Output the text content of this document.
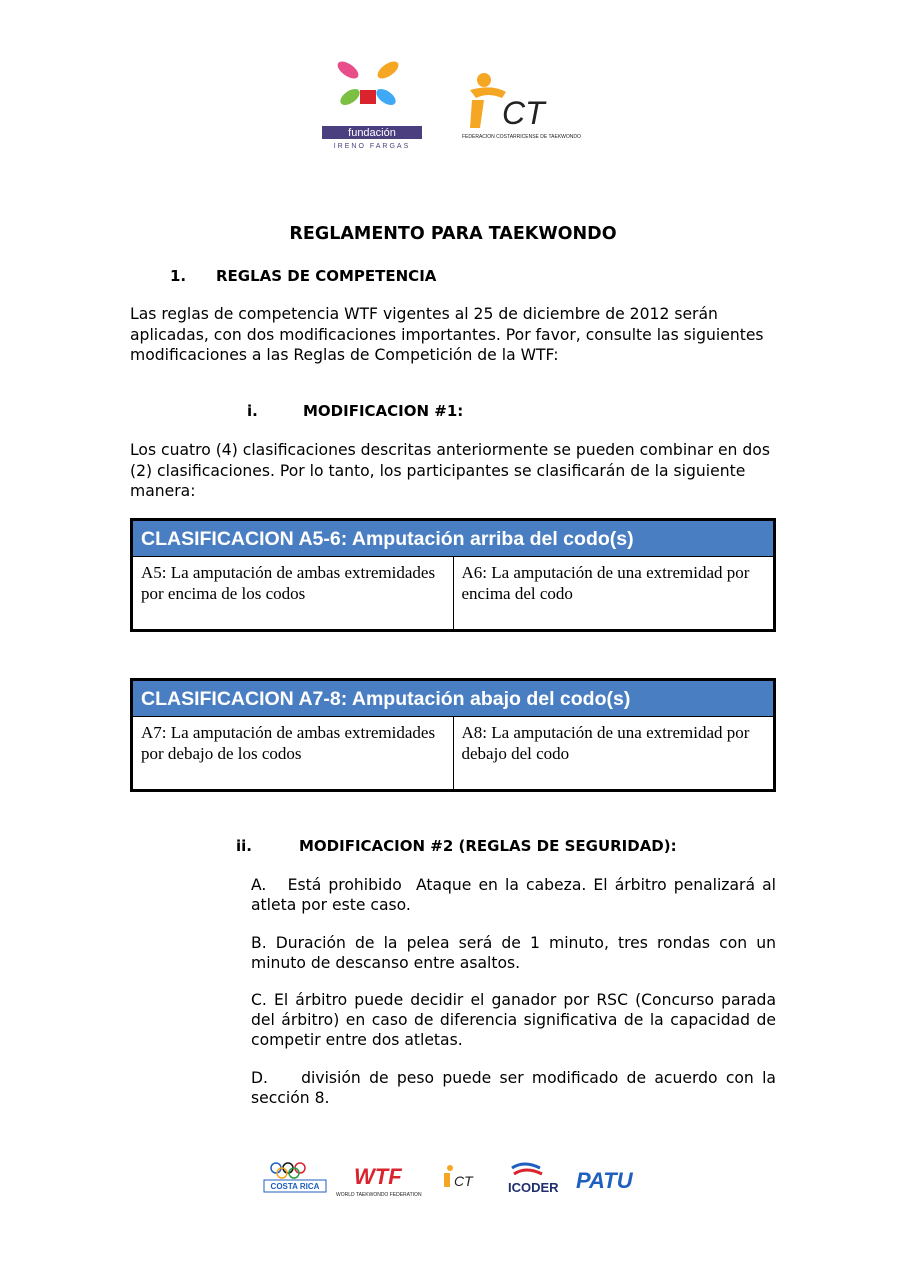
fundación
IRENO FARGAS
CT
FEDERACION COSTARRICENSE DE TAEKWONDO
REGLAMENTO PARA TAEKWONDO
1. REGLAS DE COMPETENCIA
Las reglas de competencia WTF vigentes al 25 de diciembre de 2012 serán aplicadas, con dos modificaciones importantes. Por favor, consulte las siguientes modificaciones a las Reglas de Competición de la WTF:
i.	MODIFICACION #1:
Los cuatro (4) clasificaciones descritas anteriormente se pueden combinar en dos (2) clasificaciones. Por lo tanto, los participantes se clasificarán de la siguiente manera:
CLASIFICACION A5-6: Amputación arriba del codo(s)
A5: La amputación de ambas extremidades por encima de los codos	A6: La amputación de una extremidad por encima del codo
CLASIFICACION A7-8: Amputación abajo del codo(s)
A7: La amputación de ambas extremidades por debajo de los codos	A8: La amputación de una extremidad por debajo del codo
ii.	MODIFICACION #2 (REGLAS DE SEGURIDAD):
A.   Está prohibido  Ataque en la cabeza. El árbitro penalizará al atleta por este caso.
B. Duración de la pelea será de 1 minuto, tres rondas con un minuto de descanso entre asaltos.
C. El árbitro puede decidir el ganador por RSC (Concurso parada del árbitro) en caso de diferencia significativa de la capacidad de competir entre dos atletas.
D.    división de peso puede ser modificado de acuerdo con la sección 8.
COSTA RICA WTF
WORLD TAEKWONDO FEDERATION
CT	ICODER PATU
